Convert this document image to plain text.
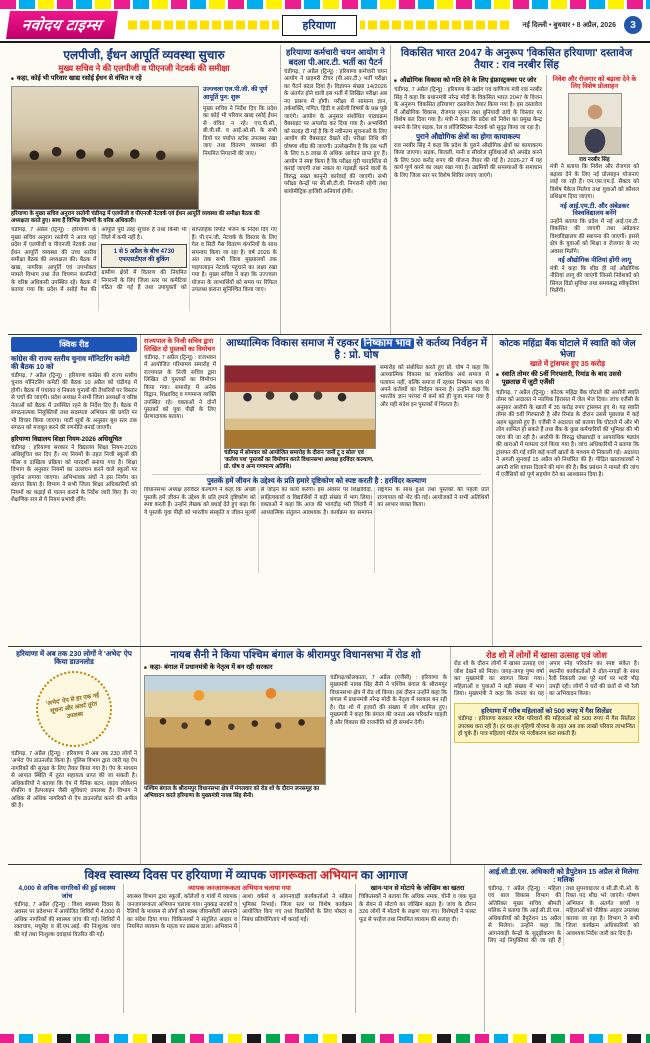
नवोदय टाइम्स	हरियाणा	नई दिल्ली • बुधवार • 8 अप्रैल, 2026	3
एलपीजी, ईंधन आपूर्ति व्यवस्था सुचारु
मुख्य सचिव ने की एलपीजी व पीएनजी नेटवर्क की समीक्षा
■
कहा, कोई भी परिवार खाद्य रसोई ईंधन से वंचित न रहे
उज्ज्वला एल.पी.जी. की पूर्ण आपूर्ति पुन: शुरू

मुख्य सचिव ने निर्देश दिए कि प्रदेश का कोई भी परिवार खाद्य रसोई ईंधन से वंचित न रहे। एच.पी.सी., बी.पी.सी. व आई.ओ.सी. के सभी डिपो पर पर्याप्त स्टॉक उपलब्ध रखा जाए तथा वितरण व्यवस्था की नियमित निगरानी की जाए।

हरियाणा के मुख्य सचिव अनुराग रस्तोगी चंडीगढ़ में एलपीजी व पीएनजी नेटवर्क एवं ईंधन आपूर्ति व्यवस्था की समीक्षा बैठक की अध्यक्षता करते हुए। साथ हैं विभिन्न विभागों के वरिष्ठ अधिकारी।

चंडीगढ़, 7 अप्रैल (ट्रिन्यू) : हरियाणा के मुख्य सचिव अनुराग रस्तोगी ने आज यहां प्रदेश में एलपीजी व पीएनजी नेटवर्क तथा ईंधन आपूर्ति व्यवस्था की उच्च स्तरीय समीक्षा बैठक की अध्यक्षता की। बैठक में खाद्य, नागरिक आपूर्ति एवं उपभोक्ता मामले विभाग तथा तेल विपणन कंपनियों के वरिष्ठ अधिकारी उपस्थित रहे। बैठक में बताया गया कि प्रदेश में रसोई गैस की आपूर्ति पूरी तरह सुचारु है तथा किसी भी जिले में कमी नहीं है।

1 से 5 अप्रैल के बीच 4730 एफएसटीएल की बुकिंग

ग्रामीण क्षेत्रों में वितरण की नियमित निगरानी के लिए जिला स्तर पर कमेटियां गठित की गई हैं तथा उपायुक्तों को साप्ताहिक रिपोर्ट भेजने के निर्देश दिए गए हैं। पी.एन.जी. नेटवर्क के विस्तार के लिए गेल व सिटी गैस वितरण कंपनियों के साथ समन्वय किया जा रहा है। वर्ष 2026 के अंत तक सभी जिला मुख्यालयों तक पाइपलाइन नेटवर्क पहुंचाने का लक्ष्य रखा गया है। मुख्य सचिव ने कहा कि उज्ज्वला योजना के लाभार्थियों को समय पर रिफिल उपलब्ध कराना सुनिश्चित किया जाए।

हरियाणा कर्मचारी चयन आयोग ने बदला पी.आर.टी. भर्ती का पैटर्न

चंडीगढ़, 7 अप्रैल (ट्रिन्यू) : हरियाणा कर्मचारी चयन आयोग ने प्राइमरी टीचर (पी.आर.टी.) भर्ती परीक्षा का पैटर्न बदल दिया है। विज्ञापन संख्या 14/2026 के अंतर्गत होने वाली इस भर्ती में लिखित परीक्षा अब नए प्रारूप में होगी। परीक्षा में सामान्य ज्ञान, तर्कशक्ति, गणित, हिंदी व अंग्रेजी विषयों के प्रश्न पूछे जाएंगे। आयोग के अनुसार संशोधित पाठ्यक्रम वैबसाइट पर अपलोड कर दिया गया है। अभ्यर्थियों को सलाह दी गई है कि वे नवीनतम सूचनाओं के लिए आयोग की वैबसाइट देखते रहें। परीक्षा तिथि की घोषणा शीघ्र की जाएगी। उल्लेखनीय है कि इस भर्ती के लिए 5.5 लाख से अधिक आवेदन प्राप्त हुए हैं। आयोग ने स्पष्ट किया है कि परीक्षा पूरी पारदर्शिता से कराई जाएगी तथा नकल या गड़बड़ी करने वालों के विरुद्ध सख्त कानूनी कार्रवाई की जाएगी। सभी परीक्षा केन्द्रों पर सी.सी.टी.वी. निगरानी रहेगी तथा बायोमीट्रिक हाजिरी अनिवार्य होगी।

विकसित भारत 2047 के अनुरूप 'विकसित हरियाणा' दस्तावेज तैयार : राव नरबीर सिंह
■
औद्योगिक विकास को गति देने के लिए इंफ्रास्ट्रक्चर पर जोर

चंडीगढ़, 7 अप्रैल (ट्रिन्यू) : हरियाणा के उद्योग एवं वाणिज्य मंत्री राव नरबीर सिंह ने कहा कि प्रधानमंत्री नरेन्द्र मोदी के विकसित भारत 2047 के विजन के अनुरूप 'विकसित हरियाणा' दस्तावेज तैयार किया गया है। इस दस्तावेज में औद्योगिक विकास, रोजगार सृजन तथा बुनियादी ढांचे के विस्तार पर विशेष बल दिया गया है। मंत्री ने कहा कि प्रदेश को निवेश का प्रमुख केन्द्र बनाने के लिए सड़क, रेल व लॉजिस्टिक्स नेटवर्क को सुदृढ़ किया जा रहा है।

पुराने औद्योगिक क्षेत्रों का होगा कायाकल्प

राव नरबीर सिंह ने कहा कि प्रदेश के पुराने औद्योगिक क्षेत्रों का कायाकल्प किया जाएगा। सड़क, बिजली, पानी व सीवरेज सुविधाओं को अपग्रेड करने के लिए 500 करोड़ रुपए की योजना तैयार की गई है। 2026-27 में यह कार्य पूर्ण करने का लक्ष्य रखा गया है। उद्यमियों की समस्याओं के समाधान के लिए जिला स्तर पर विशेष शिविर लगाए जाएंगे।

निवेश और रोजगार को बढ़ावा देने के लिए विशेष प्रोत्साहन
राव नरबीर सिंह

मंत्री ने बताया कि निवेश और रोजगार को बढ़ावा देने के लिए नई प्रोत्साहन योजनाएं लाई जा रही हैं। एम.एस.एम.ई. सैक्टर को विशेष पैकेज मिलेगा तथा युवाओं को कौशल प्रशिक्षण दिया जाएगा।

नई आई.एम.टी. और अंबेडकर विश्वविद्यालय बनेंगे

उन्होंने बताया कि प्रदेश में नई आई.एम.टी. विकसित की जाएगी तथा अंबेडकर विश्वविद्यालय की स्थापना की जाएगी। इससे क्षेत्र के युवाओं को शिक्षा व रोजगार के नए अवसर मिलेंगे।

नई औद्योगिक नीतियां होंगी लागू

मंत्री ने कहा कि शीघ्र ही नई औद्योगिक नीतियां लागू की जाएंगी जिनसे निवेशकों को सिंगल विंडो सुविधा तथा समयबद्ध स्वीकृतियां मिलेंगी।

क्विक रीड
कांग्रेस की राज्य स्तरीय चुनाव मॉनिटरिंग कमेटी की बैठक 10 को

चंडीगढ़, 7 अप्रैल (ट्रिन्यू) : हरियाणा कांग्रेस की राज्य स्तरीय चुनाव मॉनिटरिंग कमेटी की बैठक 10 अप्रैल को चंडीगढ़ में होगी। बैठक में पंचायत व निकाय चुनावों की तैयारियों पर विस्तार से चर्चा की जाएगी। प्रदेश अध्यक्ष ने सभी जिला अध्यक्षों व वरिष्ठ नेताओं को बैठक में उपस्थित रहने के निर्देश दिए हैं। बैठक में संगठनात्मक नियुक्तियों तथा सदस्यता अभियान की प्रगति पर भी विचार किया जाएगा। पार्टी सूत्रों के अनुसार बूथ स्तर तक संगठन को मजबूत करने की रणनीति बनाई जाएगी।

हरियाणा विद्यालय शिक्षा नियम-2026 अधिसूचित

चंडीगढ़ : हरियाणा सरकार ने विद्यालय शिक्षा नियम-2026 अधिसूचित कर दिए हैं। नए नियमों के तहत निजी स्कूलों की फीस व दाखिला प्रक्रिया को पारदर्शी बनाया गया है। शिक्षा विभाग के अनुसार नियमों का उल्लंघन करने वाले स्कूलों पर जुर्माना लगाया जाएगा। अभिभावक संघों ने इस निर्णय का स्वागत किया है। विभाग ने सभी जिला शिक्षा अधिकारियों को नियमों का कड़ाई से पालन कराने के निर्देश जारी किए हैं। नए शैक्षणिक सत्र से ये नियम प्रभावी होंगे।

राज्यपाल के निजी सचिव द्वारा लिखित दो पुस्तकों का विमोचन

चंडीगढ़, 7 अप्रैल (ट्रिन्यू) : राजभवन में आयोजित गरिमामय समारोह में राज्यपाल के निजी सचिव द्वारा लिखित दो पुस्तकों का विमोचन किया गया। समारोह में अनेक विद्वान, शिक्षाविद् व गणमान्य व्यक्ति उपस्थित रहे। वक्ताओं ने दोनों पुस्तकों को युवा पीढ़ी के लिए प्रेरणादायक बताया।

आध्यात्मिक विकास समाज में रहकर निष्काम भाव से कर्तव्य निर्वहन में है : प्रो. घोष
चंडीगढ़ में सोमवार को आयोजित समारोह के दौरान 'जर्नी टू द सोल' एवं 'कर्तव्य पथ' पुस्तकों का विमोचन करते विधानसभा अध्यक्ष हरविंदर कल्याण, प्रो. घोष व अन्य गणमान्य अतिथि।

समारोह को संबोधित करते हुए प्रो. घोष ने कहा कि आध्यात्मिक विकास का वास्तविक अर्थ समाज से पलायन नहीं, बल्कि समाज में रहकर निष्काम भाव से अपने कर्तव्यों का निर्वहन करना है। उन्होंने कहा कि भारतीय ज्ञान परंपरा में कर्म को ही पूजा माना गया है और यही संदेश इन पुस्तकों में मिलता है।

पुस्तकें हमें जीवन के उद्देश्य के प्रति हमारे दृष्टिकोण को स्पष्ट करती है : हरविंदर कल्याण

विधानसभा अध्यक्ष हरविंदर कल्याण ने कहा कि अच्छी पुस्तकें हमें जीवन के उद्देश्य के प्रति हमारे दृष्टिकोण को स्पष्ट करती हैं। उन्होंने लेखक को बधाई देते हुए कहा कि ये पुस्तकें युवा पीढ़ी को भारतीय संस्कृति व जीवन मूल्यों से जोड़ने का कार्य करेंगी। इस अवसर पर शिक्षाविदों, साहित्यकारों व विद्यार्थियों ने बड़ी संख्या में भाग लिया। वक्ताओं ने कहा कि आज की भागदौड़ भरी जिंदगी में आध्यात्मिक संतुलन आवश्यक है। कार्यक्रम का समापन राष्ट्रगान के साथ हुआ तथा पुस्तकों की पहली प्रति राज्यपाल को भेंट की गई। आयोजकों ने सभी अतिथियों का आभार व्यक्त किया।

कोटक महिंद्रा बैंक घोटाले में स्वाति को जेल भेजा
खाते में ट्रांसफर हुए 35 करोड़
■
स्वाति तोमर की 5वीं गिरफ्तारी, रिमांड के बाद उससे पूछताछ में जुटी एजैंसी

चंडीगढ़, 7 अप्रैल (ट्रिन्यू) : कोटक महिंद्रा बैंक घोटाले की आरोपी स्वाति तोमर को अदालत ने न्यायिक हिरासत में जेल भेज दिया। जांच एजैंसी के अनुसार आरोपी के खातों में 35 करोड़ रुपए ट्रांसफर हुए थे। यह स्वाति तोमर की 5वीं गिरफ्तारी है और रिमांड के दौरान उससे पूछताछ में कई अहम खुलासे हुए हैं। एजैंसी ने अदालत को बताया कि घोटाले में और भी लोग शामिल हो सकते हैं तथा बैंक के कुछ कर्मचारियों की भूमिका की भी जांच की जा रही है। आरोपी के विरुद्ध धोखाधड़ी व आपराधिक षड्यंत्र की धाराओं में मामला दर्ज किया गया है। जांच अधिकारियों ने बताया कि ट्रांसफर की गई राशि कई फर्जी खातों के माध्यम से निकाली गई। अदालत ने अगली सुनवाई 15 अप्रैल को निर्धारित की है। पीड़ित खाताधारकों ने अपनी राशि वापस दिलाने की मांग की है। बैंक प्रबंधन ने मामले की जांच में एजैंसियों को पूर्ण सहयोग देने का आश्वासन दिया है।

हरियाणा में अब तक 230 लोगों ने 'अभेद' ऐप किया डाउनलोड
'अभेद' ऐप से हर एक नई सूचना और अलर्ट तुरंत उपलब्ध

चंडीगढ़, 7 अप्रैल (ट्रिन्यू) : हरियाणा में अब तक 230 लोगों ने 'अभेद' ऐप डाउनलोड किया है। पुलिस विभाग द्वारा जारी यह ऐप नागरिकों की सुरक्षा के लिए तैयार किया गया है। ऐप के माध्यम से आपात स्थिति में तुरंत सहायता प्राप्त की जा सकती है। अधिकारियों ने बताया कि ऐप में पैनिक बटन, लाइव लोकेशन शेयरिंग व हैल्पलाइन जैसी सुविधाएं उपलब्ध हैं। विभाग ने अधिक से अधिक नागरिकों से ऐप डाउनलोड करने की अपील की है।

नायब सैनी ने किया पश्चिम बंगाल के श्रीरामपुर विधानसभा में रोड शो
■
कहा- बंगाल में प्रधानमंत्री के नेतृत्व में बन रही सरकार
पश्चिम बंगाल के श्रीरामपुर विधानसभा क्षेत्र में मंगलवार को रोड शो के दौरान जनसमूह का अभिवादन करते हरियाणा के मुख्यमंत्री नायब सिंह सैनी।

चंडीगढ़/कोलकाता, 7 अप्रैल (एजैंसी) : हरियाणा के मुख्यमंत्री नायब सिंह सैनी ने पश्चिम बंगाल के श्रीरामपुर विधानसभा क्षेत्र में रोड शो किया। इस दौरान उन्होंने कहा कि बंगाल में प्रधानमंत्री नरेन्द्र मोदी के नेतृत्व में सरकार बन रही है। रोड शो में हजारों की संख्या में लोग शामिल हुए। मुख्यमंत्री ने कहा कि बंगाल की जनता अब परिवर्तन चाहती है और विकास की राजनीति को ही समर्थन देगी।

रोड शो में लोगों में खासा उत्साह एवं जोश

रोड शो के दौरान लोगों में खासा उत्साह एवं जोश देखने को मिला। जगह-जगह पुष्प वर्षा कर मुख्यमंत्री का स्वागत किया गया। महिलाओं व युवाओं ने बड़ी संख्या में भाग लिया। मुख्यमंत्री ने कहा कि जनता का यह अपार स्नेह परिवर्तन का स्पष्ट संकेत है। स्थानीय कार्यकर्ताओं ने ढोल-नगाड़ों के साथ रैली निकाली तथा पूरे मार्ग पर भारी भीड़ उमड़ी रही। लोगों ने घरों की छतों से भी रैली का अभिवादन किया।

हरियाणा में गरीब महिलाओं को 500 रुपए में गैस सिलेंडर

चंडीगढ़ : हरियाणा सरकार गरीब परिवारों की महिलाओं को 500 रुपए में गैस सिलेंडर उपलब्ध करा रही है। हर घर-हर गृहिणी योजना के तहत अब तक लाखों परिवार लाभान्वित हो चुके हैं। पात्र महिलाएं पोर्टल पर पंजीकरण करा सकती हैं।

विश्व स्वास्थ्य दिवस पर हरियाणा में व्यापक जागरूकता अभियान का आगाज
4,000 से अधिक नागरिकों की हुई स्वास्थ्य जांच

चं‌डीगढ़, 7 अप्रैल (ट्रिन्यू) : विश्व स्वास्थ्य दिवस के अवसर पर प्रदेशभर में आयोजित शिविरों में 4,000 से अधिक नागरिकों की स्वास्थ्य जांच की गई। शिविरों में रक्तचाप, मधुमेह व बी.एम.आई. की निःशुल्क जांच की गई तथा निःशुल्क दवाइयां वितरित की गईं।

व्यापक जनजागरूकता अभियान चलाया गया

स्वास्थ्य विभाग द्वारा स्कूलों, कॉलेजों व गांवों में व्यापक जनजागरूकता अभियान चलाया गया। नुक्कड़ नाटकों व रैलियों के माध्यम से लोगों को स्वस्थ जीवनशैली अपनाने का संदेश दिया गया। चिकित्सकों ने संतुलित आहार व नियमित व्यायाम के महत्व पर प्रकाश डाला। अभियान में आशा वर्कर्स व आंगनवाड़ी कार्यकर्ताओं ने सक्रिय भूमिका निभाई। जिला स्तर पर विशेष कार्यक्रम आयोजित किए गए तथा विद्यार्थियों के लिए पोस्टर व निबंध प्रतियोगिताएं भी कराई गईं।

खान-पान से मोटापे के जोखिम का खतरा

चिकित्सकों ने बताया कि अधिक नमक, चीनी व जंक फूड के सेवन से मोटापे का जोखिम बढ़ता है। जांच के दौरान 326 लोगों में मोटापे के लक्षण पाए गए। विशेषज्ञों ने फास्ट फूड से परहेज तथा नियमित व्यायाम की सलाह दी।

आई.सी.डी.एस. अधिकारी को डैपुटेशन 15 अप्रैल से मिलेगा : मलिक

चंडीगढ़, 7 अप्रैल (ट्रिन्यू) : महिला एवं बाल विकास विभाग की अतिरिक्त मुख्य सचिव श्रीमती मलिक ने बताया कि आई.सी.डी.एस. अधिकारियों को डैपुटेशन 15 अप्रैल से मिलेगा। उन्होंने कहा कि आंगनवाड़ी केन्द्रों के सुदृढ़ीकरण के लिए नई नियुक्तियां की जा रही हैं तथा सुपरवाइजर व सी.डी.पी.ओ. के रिक्त पद शीघ्र भरे जाएंगे। पोषण अभियान के अंतर्गत बच्चों व महिलाओं को पौष्टिक आहार उपलब्ध कराया जा रहा है। विभाग ने सभी जिला कार्यक्रम अधिकारियों को आवश्यक निर्देश जारी कर दिए हैं।
